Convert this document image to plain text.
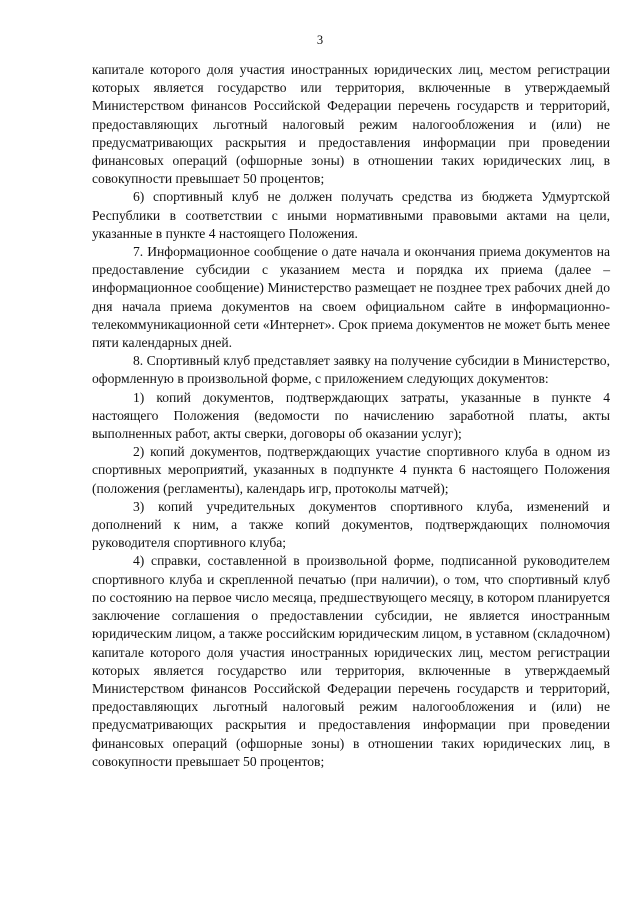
3

капитале которого доля участия иностранных юридических лиц, местом регистрации которых является государство или территория, включенные в утверждаемый Министерством финансов Российской Федерации перечень государств и территорий, предоставляющих льготный налоговый режим налогообложения и (или) не предусматривающих раскрытия и предоставления информации при проведении финансовых операций (офшорные зоны) в отношении таких юридических лиц, в совокупности превышает 50 процентов;

6) спортивный клуб не должен получать средства из бюджета Удмуртской Республики в соответствии с иными нормативными правовыми актами на цели, указанные в пункте 4 настоящего Положения.

7. Информационное сообщение о дате начала и окончания приема документов на предоставление субсидии с указанием места и порядка их приема (далее – информационное сообщение) Министерство размещает не позднее трех рабочих дней до дня начала приема документов на своем официальном сайте в информационно-телекоммуникационной сети «Интернет». Срок приема документов не может быть менее пяти календарных дней.

8. Спортивный клуб представляет заявку на получение субсидии в Министерство, оформленную в произвольной форме, с приложением следующих документов:

1) копий документов, подтверждающих затраты, указанные в пункте 4 настоящего Положения (ведомости по начислению заработной платы, акты выполненных работ, акты сверки, договоры об оказании услуг);

2) копий документов, подтверждающих участие спортивного клуба в одном из спортивных мероприятий, указанных в подпункте 4 пункта 6 настоящего Положения (положения (регламенты), календарь игр, протоколы матчей);

3) копий учредительных документов спортивного клуба, изменений и дополнений к ним, а также копий документов, подтверждающих полномочия руководителя спортивного клуба;

4) справки, составленной в произвольной форме, подписанной руководителем спортивного клуба и скрепленной печатью (при наличии), о том, что спортивный клуб по состоянию на первое число месяца, предшествующего месяцу, в котором планируется заключение соглашения о предоставлении субсидии, не является иностранным юридическим лицом, а также российским юридическим лицом, в уставном (складочном) капитале которого доля участия иностранных юридических лиц, местом регистрации которых является государство или территория, включенные в утверждаемый Министерством финансов Российской Федерации перечень государств и территорий, предоставляющих льготный налоговый режим налогообложения и (или) не предусматривающих раскрытия и предоставления информации при проведении финансовых операций (офшорные зоны) в отношении таких юридических лиц, в совокупности превышает 50 процентов;
